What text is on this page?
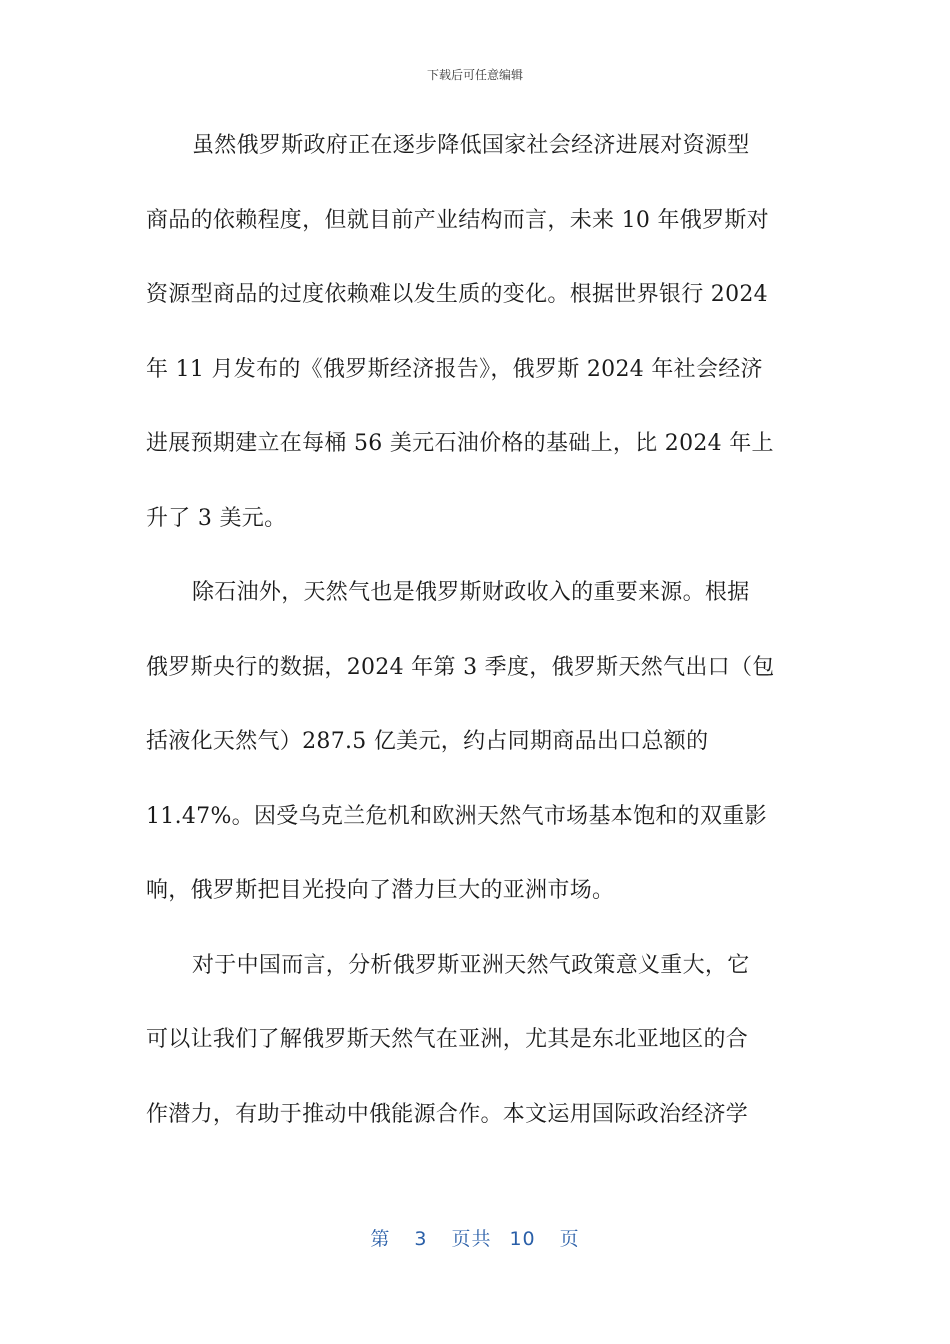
下载后可任意编辑
虽然俄罗斯政府正在逐步降低国家社会经济进展对资源型
商品的依赖程度，但就目前产业结构而言，未来 10 年俄罗斯对
资源型商品的过度依赖难以发生质的变化。根据世界银行 2024
年 11 月发布的《俄罗斯经济报告》，俄罗斯 2024 年社会经济
进展预期建立在每桶 56 美元石油价格的基础上，比 2024 年上
升了 3 美元。
除石油外，天然气也是俄罗斯财政收入的重要来源。根据
俄罗斯央行的数据，2024 年第 3 季度，俄罗斯天然气出口（包
括液化天然气）287.5 亿美元，约占同期商品出口总额的
11.47%。因受乌克兰危机和欧洲天然气市场基本饱和的双重影
响，俄罗斯把目光投向了潜力巨大的亚洲市场。
对于中国而言，分析俄罗斯亚洲天然气政策意义重大，它
可以让我们了解俄罗斯天然气在亚洲，尤其是东北亚地区的合
作潜力，有助于推动中俄能源合作。本文运用国际政治经济学
第 3 页共 10 页
